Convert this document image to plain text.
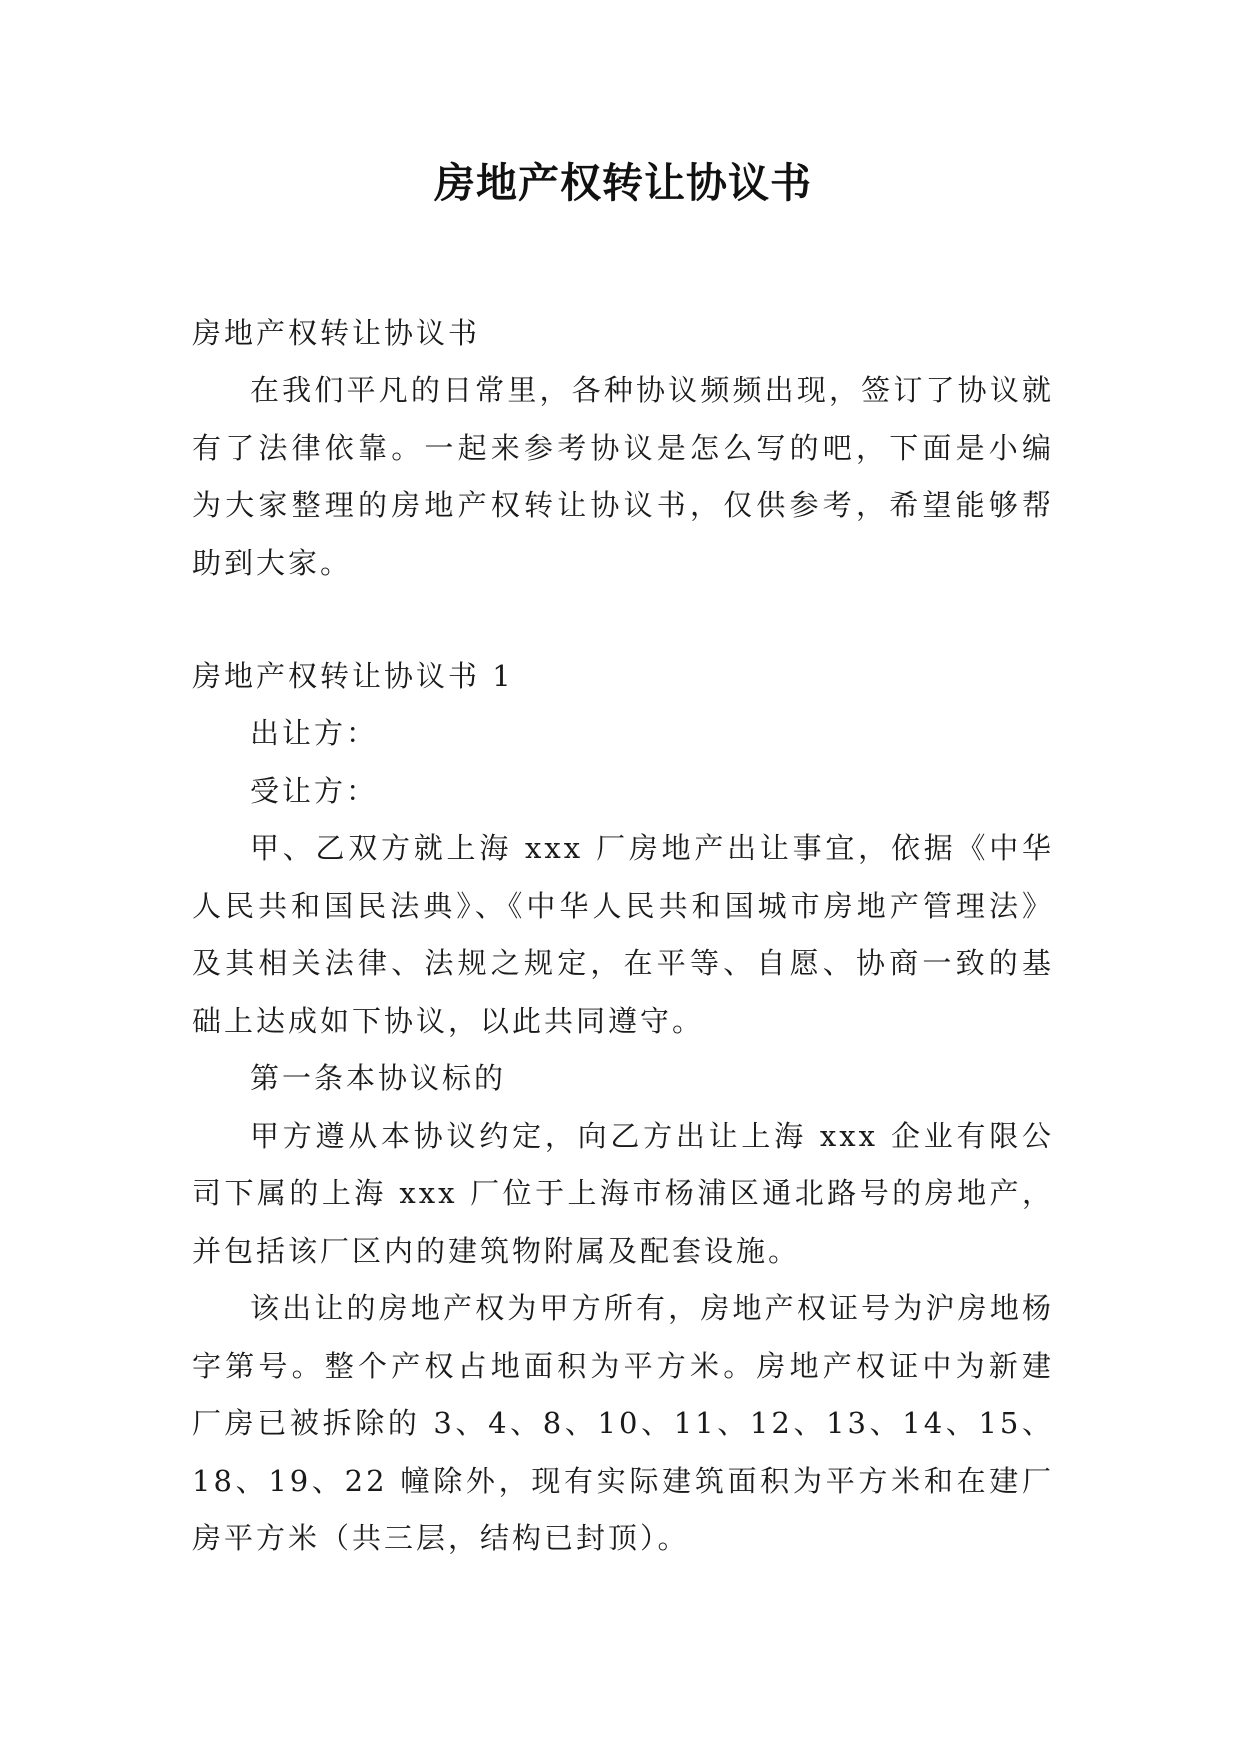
房地产权转让协议书

房地产权转让协议书

在我们平凡的日常里，各种协议频频出现，签订了协议就有了法律依靠。一起来参考协议是怎么写的吧，下面是小编为大家整理的房地产权转让协议书，仅供参考，希望能够帮助到大家。

房地产权转让协议书 1

出让方：

受让方：

甲、乙双方就上海 xxx 厂房地产出让事宜，依据《中华人民共和国民法典》、《中华人民共和国城市房地产管理法》及其相关法律、法规之规定，在平等、自愿、协商一致的基础上达成如下协议，以此共同遵守。

第一条本协议标的

甲方遵从本协议约定，向乙方出让上海 xxx 企业有限公司下属的上海 xxx 厂位于上海市杨浦区通北路号的房地产，并包括该厂区内的建筑物附属及配套设施。

该出让的房地产权为甲方所有，房地产权证号为沪房地杨字第号。整个产权占地面积为平方米。房地产权证中为新建厂房已被拆除的 3、4、8、10、11、12、13、14、15、18、19、22 幢除外，现有实际建筑面积为平方米和在建厂房平方米（共三层，结构已封顶）。
